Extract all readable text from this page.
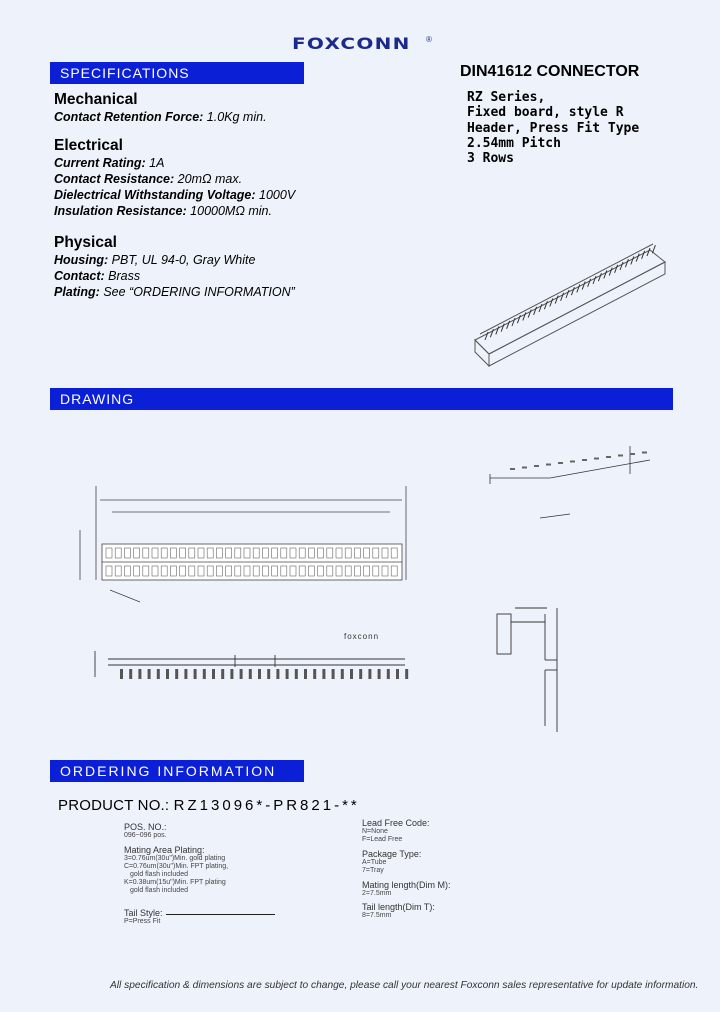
FOXCONN ®
SPECIFICATIONS	DIN41612 CONNECTOR
RZ Series,
Fixed board, style R
Header, Press Fit Type
2.54mm Pitch
3 Rows
Mechanical
Contact Retention Force: 1.0Kg min.
Electrical
Current Rating: 1A
Contact Resistance: 20mΩ max.
Dielectrical Withstanding Voltage: 1000V
Insulation Resistance: 10000MΩ min.
Physical
Housing: PBT, UL 94-0, Gray White
Contact: Brass
Plating: See “ORDERING INFORMATION”
DRAWING
foxconn
ORDERING INFORMATION
PRODUCT NO.: RZ13096*-PR821-**
POS. NO.:
096~096 pos.
Mating Area Plating:
3=0.76um(30u")Min. gold plating
C=0.76um(30u")Min. FPT plating,
gold flash included
K=0.38um(15u")Min. FPT plating
gold flash included
Tail Style:
P=Press Fit
Lead Free Code:
N=None
F=Lead Free
Package Type:
A=Tube
7=Tray
Mating length(Dim M):
2=7.5mm
Tail length(Dim T):
8=7.5mm
All specification & dimensions are subject to change, please call your nearest Foxconn sales representative for update information.
